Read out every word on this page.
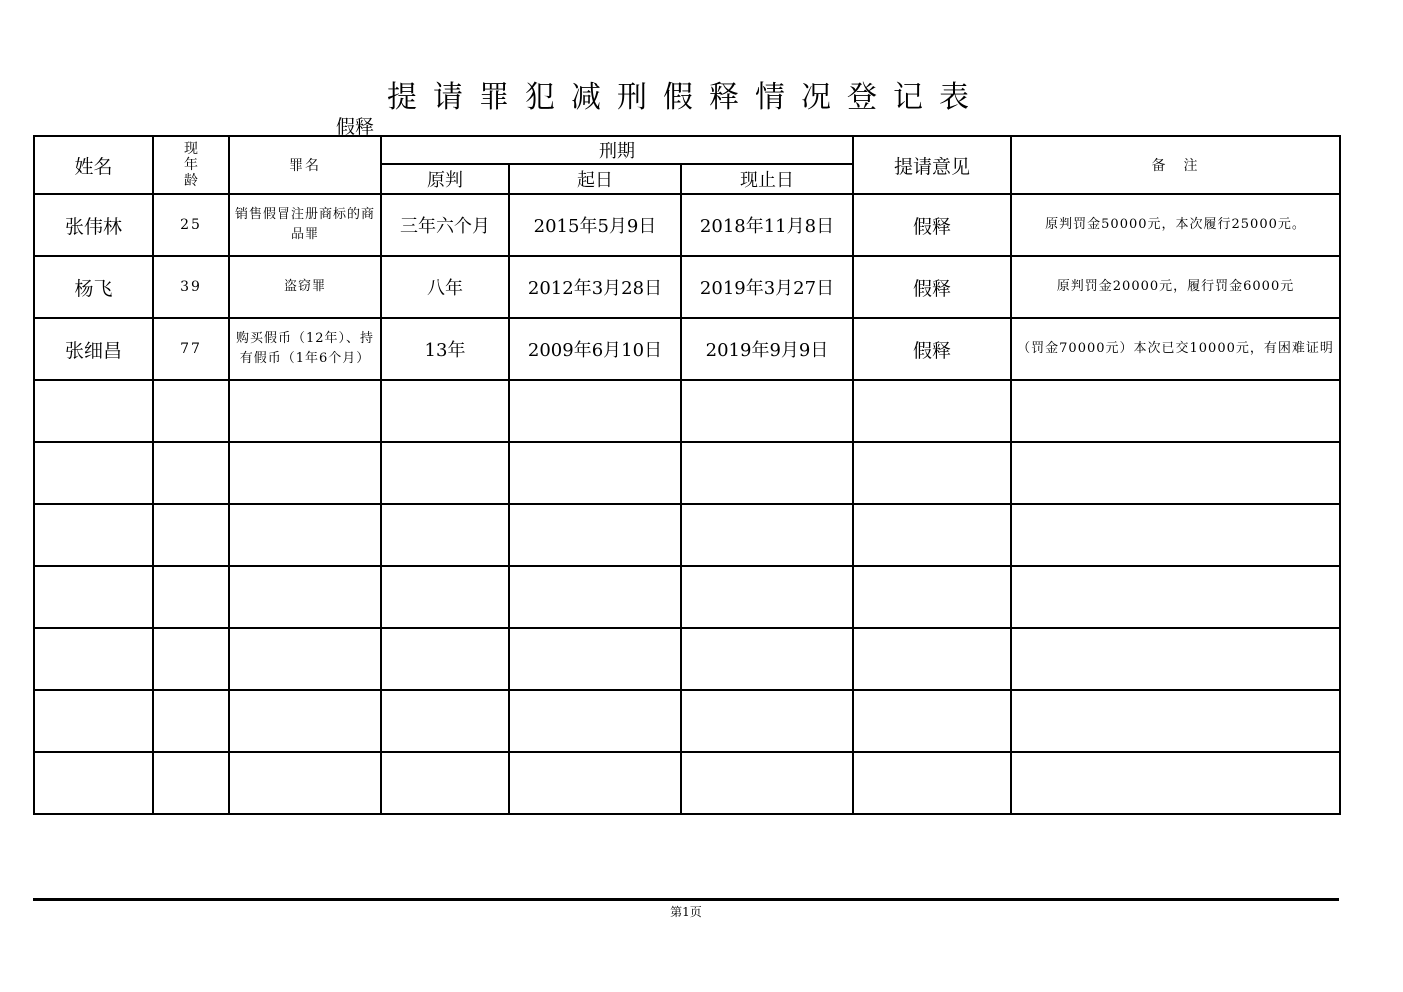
提请罪犯减刑假释情况登记表
假释
姓名	现
年
龄	罪名	刑期			提请意见	备　注
			原判	起日	现止日		
张伟林	25	销售假冒注册商标的商品罪	三年六个月	2015年5月9日	2018年11月8日	假释	原判罚金50000元，本次履行25000元。
杨飞	39	盗窃罪	八年	2012年3月28日	2019年3月27日	假释	原判罚金20000元，履行罚金6000元
张细昌	77	购买假币（12年）、持有假币（1年6个月）	13年	2009年6月10日	2019年9月9日	假释	（罚金70000元）本次已交10000元，有困难证明

第1页
